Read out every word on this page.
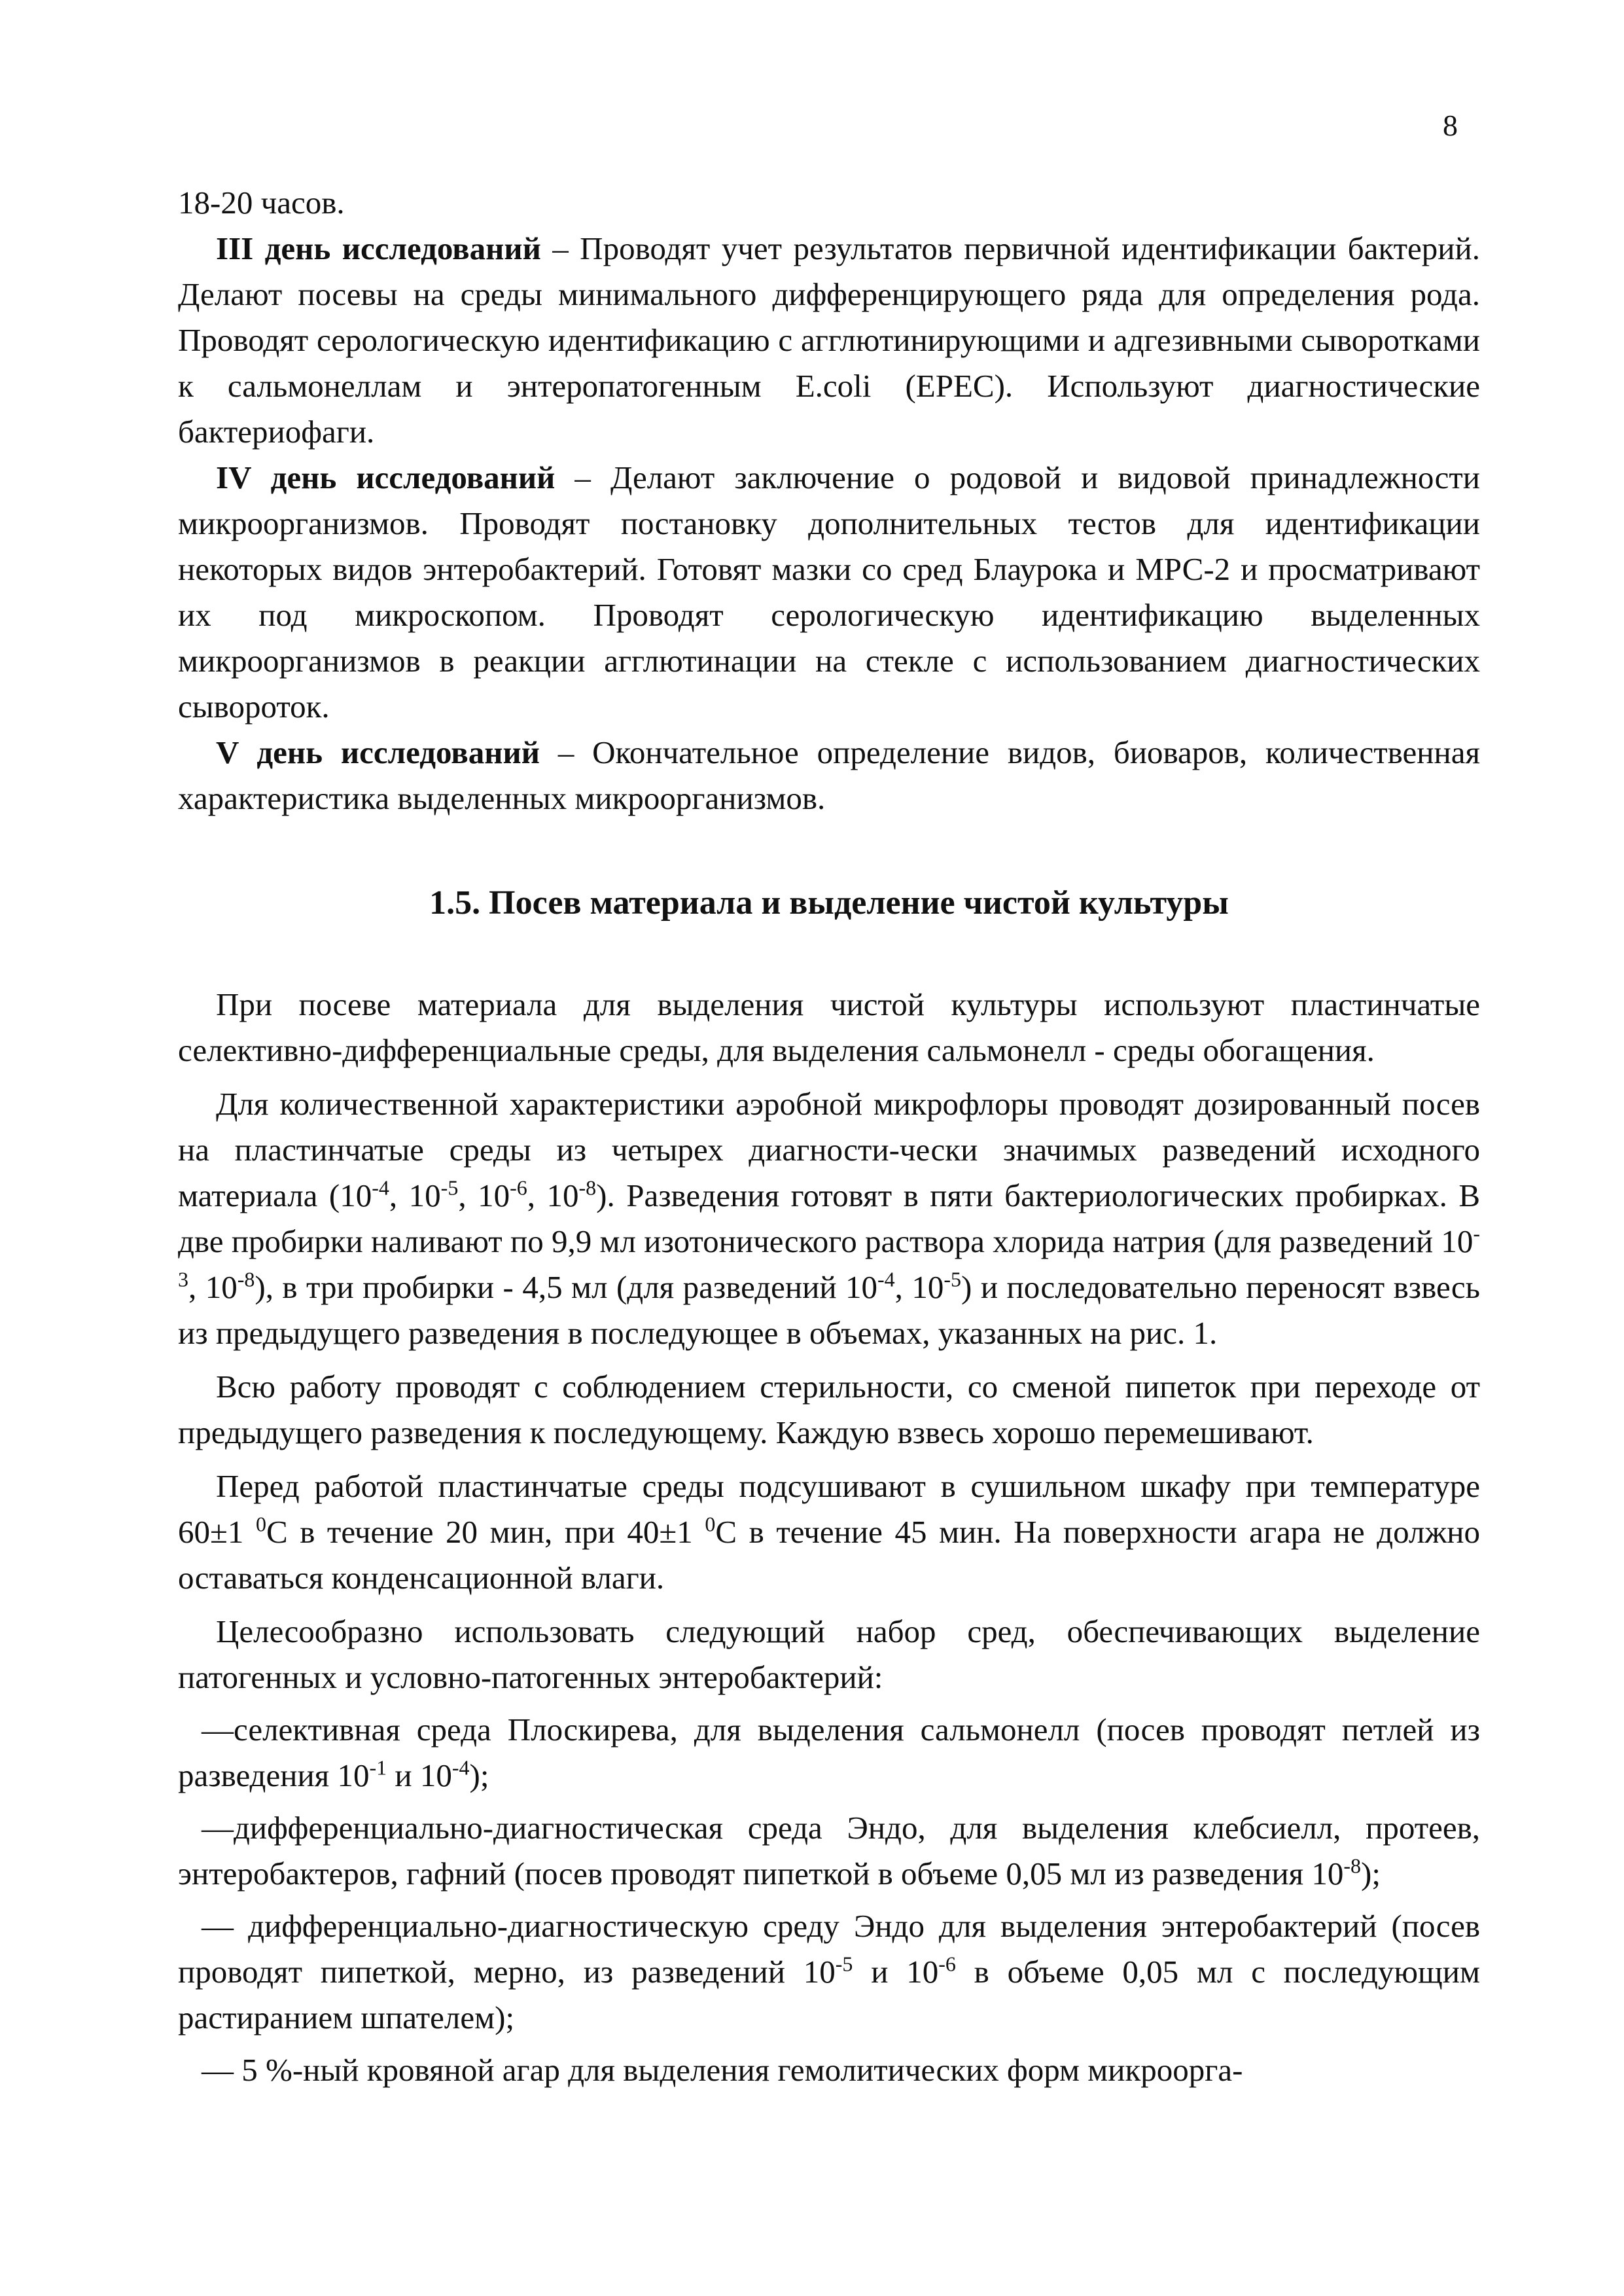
8

18-20 часов.

III день исследований – Проводят учет результатов первичной идентификации бактерий. Делают посевы на среды минимального дифференцирующего ряда для определения рода. Проводят серологическую идентификацию с агглютинирующими и адгезивными сыворотками к сальмонеллам и энтеропатогенным E.coli (EPEC). Используют диагностические бактериофаги.

IV день исследований – Делают заключение о родовой и видовой принадлежности микроорганизмов. Проводят постановку дополнительных тестов для идентификации некоторых видов энтеробактерий. Готовят мазки со сред Блаурока и МРС-2 и просматривают их под микроскопом. Проводят серологическую идентификацию выделенных микроорганизмов в реакции агглютинации на стекле с использованием диагностических сывороток.

V день исследований – Окончательное определение видов, биоваров, количественная характеристика выделенных микроорганизмов.

1.5. Посев материала и выделение чистой культуры

При посеве материала для выделения чистой культуры используют пластинчатые селективно-дифференциальные среды, для выделения сальмонелл - среды обогащения.

Для количественной характеристики аэробной микрофлоры проводят дозированный посев на пластинчатые среды из четырех диагности-чески значимых разведений исходного материала ($10^{-4}$, $10^{-5}$, $10^{-6}$, $10^{-8}$). Разведения готовят в пяти бактериологических пробирках. В две пробирки наливают по 9,9 мл изотонического раствора хлорида натрия (для разведений $10^{-3}$, $10^{-8}$), в три пробирки - 4,5 мл (для разведений $10^{-4}$, $10^{-5}$) и последовательно переносят взвесь из предыдущего разведения в последующее в объемах, указанных на рис. 1.

Всю работу проводят с соблюдением стерильности, со сменой пипеток при переходе от предыдущего разведения к последующему. Каждую взвесь хорошо перемешивают.

Перед работой пластинчатые среды подсушивают в сушильном шкафу при температуре 60±1 $^0$С в течение 20 мин, при 40±1 $^0$С в течение 45 мин. На поверхности агара не должно оставаться конденсационной влаги.

Целесообразно использовать следующий набор сред, обеспечивающих выделение патогенных и условно-патогенных энтеробактерий:

—селективная среда Плоскирева, для выделения сальмонелл (посев проводят петлей из разведения $10^{-1}$ и $10^{-4}$);

—дифференциально-диагностическая среда Эндо, для выделения клебсиелл, протеев, энтеробактеров, гафний (посев проводят пипеткой в объеме 0,05 мл из разведения $10^{-8}$);

— дифференциально-диагностическую среду Эндо для выделения энтеробактерий (посев проводят пипеткой, мерно, из разведений $10^{-5}$ и $10^{-6}$ в объеме 0,05 мл с последующим растиранием шпателем);

— 5 %-ный кровяной агар для выделения гемолитических форм микроорга-
